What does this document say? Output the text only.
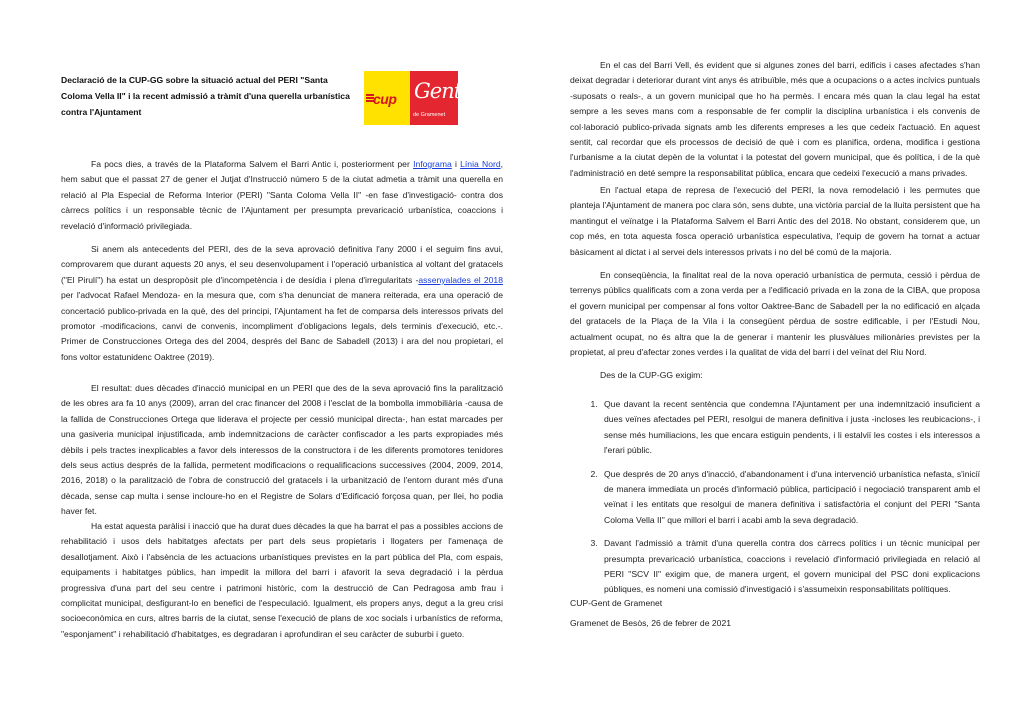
Declaració de la CUP-GG sobre la situació actual del PERI "Santa Coloma Vella II" i la recent admissió a tràmit d'una querella urbanística contra l'Ajuntament
cup Gent
de Gramenet

Fa pocs dies, a través de la Plataforma Salvem el Barri Antic i, posteriorment per Infograma i Línia Nord, hem sabut que el passat 27 de gener el Jutjat d'Instrucció número 5 de la ciutat admetia a tràmit una querella en relació al Pla Especial de Reforma Interior (PERI) "Santa Coloma Vella II" -en fase d'investigació- contra dos càrrecs polítics i un responsable tècnic de l'Ajuntament per presumpta prevaricació urbanística, coaccions i revelació d'informació privilegiada.

Si anem als antecedents del PERI, des de la seva aprovació definitiva l'any 2000 i el seguim fins avui, comprovarem que durant aquests 20 anys, el seu desenvolupament i l'operació urbanística al voltant del gratacels ("El Pirulí") ha estat un despropòsit ple d'incompetència i de desídia i plena d'irregularitats -assenyalades el 2018 per l'advocat Rafael Mendoza- en la mesura que, com s'ha denunciat de manera reiterada, era una operació de concertació publico-privada en la què, des del principi, l'Ajuntament ha fet de comparsa dels interessos privats del promotor -modificacions, canvi de convenis, incompliment d'obligacions legals, dels terminis d'execució, etc.-. Primer de Construcciones Ortega des del 2004, després del Banc de Sabadell (2013) i ara del nou propietari, el fons voltor estatunidenc Oaktree (2019).

El resultat: dues dècades d'inacció municipal en un PERI que des de la seva aprovació fins la paralització de les obres ara fa 10 anys (2009), arran del crac financer del 2008 i l'esclat de la bombolla immobiliària -causa de la fallida de Construcciones Ortega que liderava el projecte per cessió municipal directa-, han estat marcades per una gasiveria municipal injustificada, amb indemnitzacions de caràcter confiscador a les parts expropiades més dèbils i pels tractes inexplicables a favor dels interessos de la constructora i de les diferents promotores tenidores dels seus actius després de la fallida, permetent modificacions o requalificacions successives (2004, 2009, 2014, 2016, 2018) o la paralització de l'obra de construcció del gratacels i la urbanització de l'entorn durant més d'una dècada, sense cap multa i sense incloure-ho en el Registre de Solars d'Edificació forçosa quan, per llei, ho podia haver fet.

Ha estat aquesta paràlisi i inacció que ha durat dues dècades la que ha barrat el pas a possibles accions de rehabilitació i usos dels habitatges afectats per part dels seus propietaris i llogaters per l'amenaça de desallotjament. Això i l'absència de les actuacions urbanístiques previstes en la part pública del Pla, com espais, equipaments i habitatges públics, han impedit la millora del barri i afavorit la seva degradació i la pèrdua progressiva d'una part del seu centre i patrimoni històric, com la destrucció de Can Pedragosa amb frau i complicitat municipal, desfigurant-lo en benefici de l'especulació. Igualment, els propers anys, degut a la greu crisi socioeconòmica en curs, altres barris de la ciutat, sense l'execució de plans de xoc socials i urbanístics de reforma, "esponjament" i rehabilitació d'habitatges, es degradaran i aprofundiran el seu caràcter de suburbi i gueto.

En el cas del Barri Vell, és evident que si algunes zones del barri, edificis i cases afectades s'han deixat degradar i deteriorar durant vint anys és atribuïble, més que a ocupacions o a actes incívics puntuals -suposats o reals-, a un govern municipal que ho ha permès. I encara més quan la clau legal ha estat sempre a les seves mans com a responsable de fer complir la disciplina urbanística i els convenis de col·laboració publico-privada signats amb les diferents empreses a les que cedeix l'actuació. En aquest sentit, cal recordar que els processos de decisió de què i com es planifica, ordena, modifica i gestiona l'urbanisme a la ciutat depèn de la voluntat i la potestat del govern municipal, que és política, i de la què l'administració en deté sempre la responsabilitat pública, encara que cedeixi l'execució a mans privades.

En l'actual etapa de represa de l'execució del PERI, la nova remodelació i les permutes que planteja l'Ajuntament de manera poc clara són, sens dubte, una victòria parcial de la lluita persistent que ha mantingut el veïnatge i la Plataforma Salvem el Barri Antic des del 2018. No obstant, considerem que, un cop més, en tota aquesta fosca operació urbanística especulativa, l'equip de govern ha tornat a actuar bàsicament al dictat i al servei dels interessos privats i no del bé comú de la majoria.

En conseqüència, la finalitat real de la nova operació urbanística de permuta, cessió i pèrdua de terrenys públics qualificats com a zona verda per a l'edificació privada en la zona de la CIBA, que proposa el govern municipal per compensar al fons voltor Oaktree-Banc de Sabadell per la no edificació en alçada del gratacels de la Plaça de la Vila i la consegüent pèrdua de sostre edificable, i per l'Estudi Nou, actualment ocupat, no és altra que la de generar i mantenir les plusvàlues milionàries previstes per la propietat, al preu d'afectar zones verdes i la qualitat de vida del barri i del veïnat del Riu Nord.

Des de la CUP-GG exigim:

1. Que davant la recent sentència que condemna l'Ajuntament per una indemnització insuficient a dues veïnes afectades pel PERI, resolgui de manera definitiva i justa -incloses les reubicacions-, i sense més humiliacions, les que encara estiguin pendents, i li estalviï les costes i els interessos a l'erari públic.
2. Que després de 20 anys d'inacció, d'abandonament i d'una intervenció urbanística nefasta, s'iniciï de manera immediata un procés d'informació pública, participació i negociació transparent amb el veïnat i les entitats que resolgui de manera definitiva i satisfactòria el conjunt del PERI "Santa Coloma Vella II" que millori el barri i acabi amb la seva degradació.
3. Davant l'admissió a tràmit d'una querella contra dos càrrecs polítics i un tècnic municipal per presumpta prevaricació urbanística, coaccions i revelació d'informació privilegiada en relació al PERI "SCV II" exigim que, de manera urgent, el govern municipal del PSC doni explicacions públiques, es nomeni una comissió d'investigació i s'assumeixin responsabilitats polítiques.
CUP-Gent de Gramenet
Gramenet de Besòs, 26 de febrer de 2021
